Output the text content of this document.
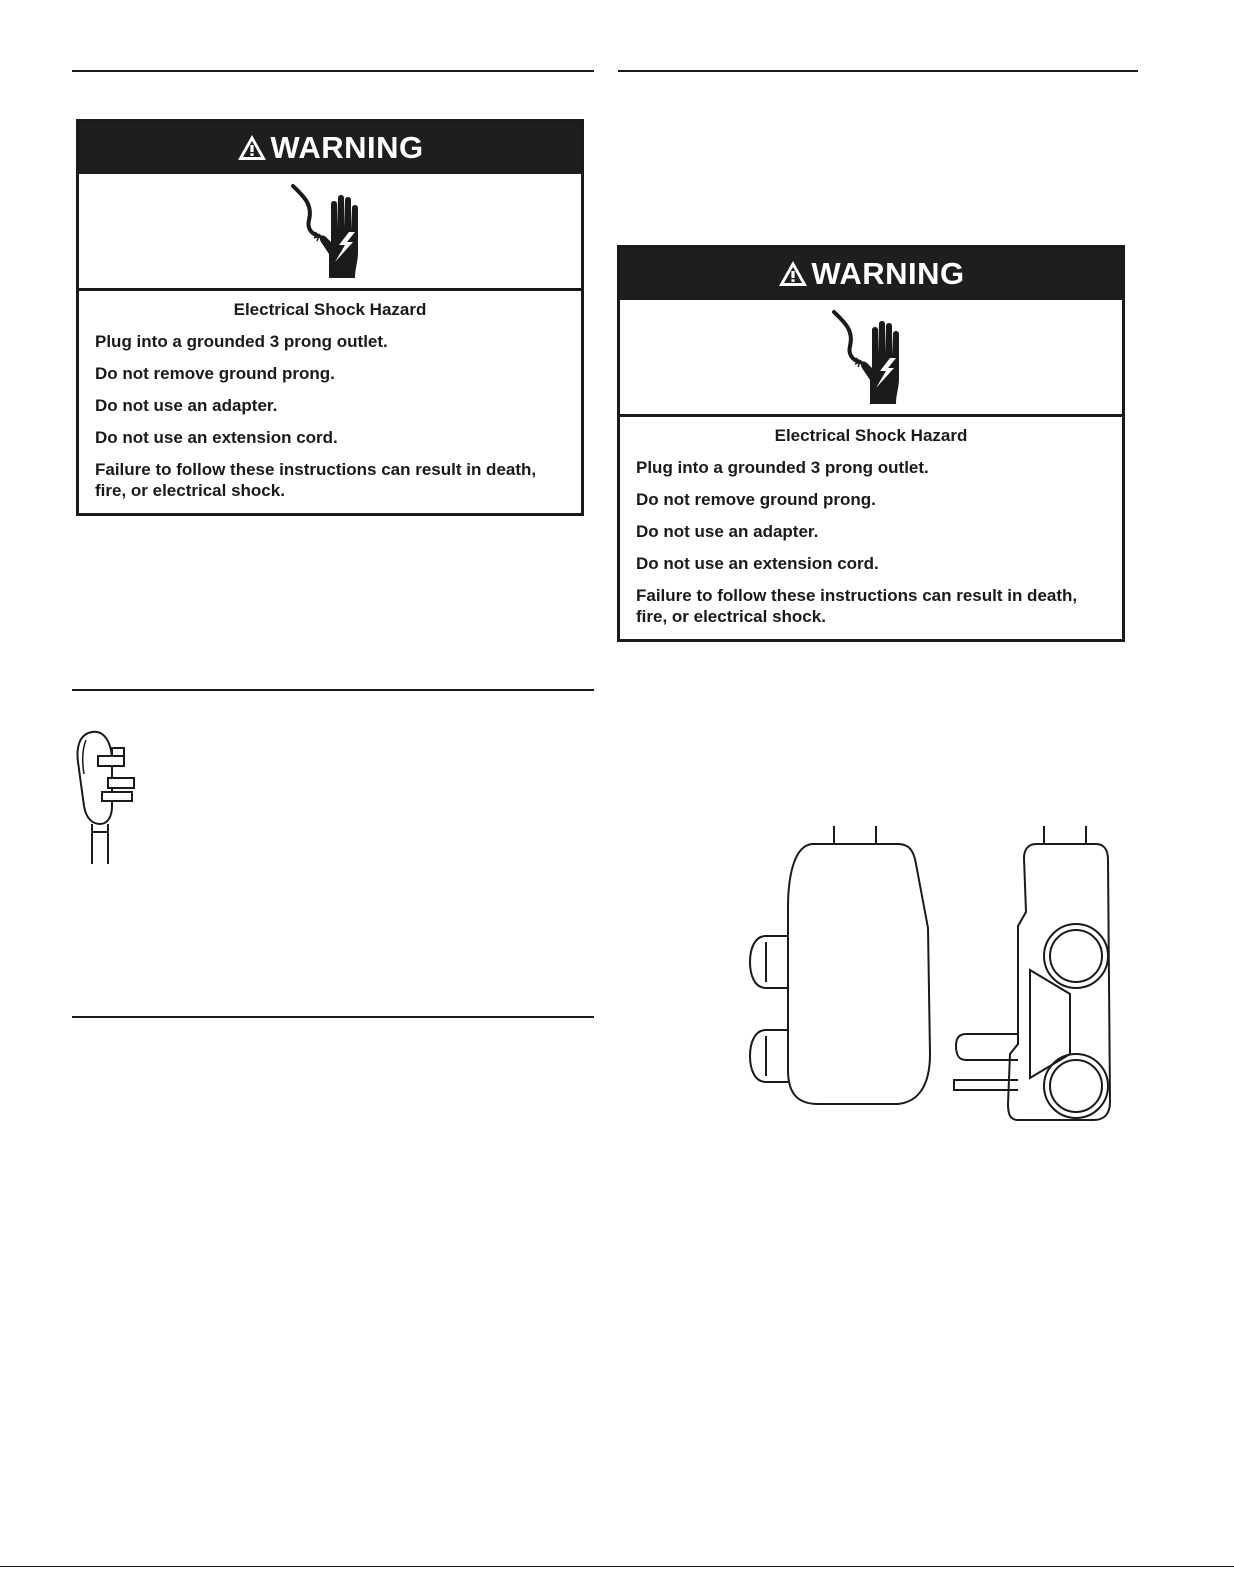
WARNING
Electrical Shock Hazard
Plug into a grounded 3 prong outlet.
Do not remove ground prong.
Do not use an adapter.
Do not use an extension cord.
Failure to follow these instructions can result in death, fire, or electrical shock.
WARNING
Electrical Shock Hazard
Plug into a grounded 3 prong outlet.
Do not remove ground prong.
Do not use an adapter.
Do not use an extension cord.
Failure to follow these instructions can result in death, fire, or electrical shock.
